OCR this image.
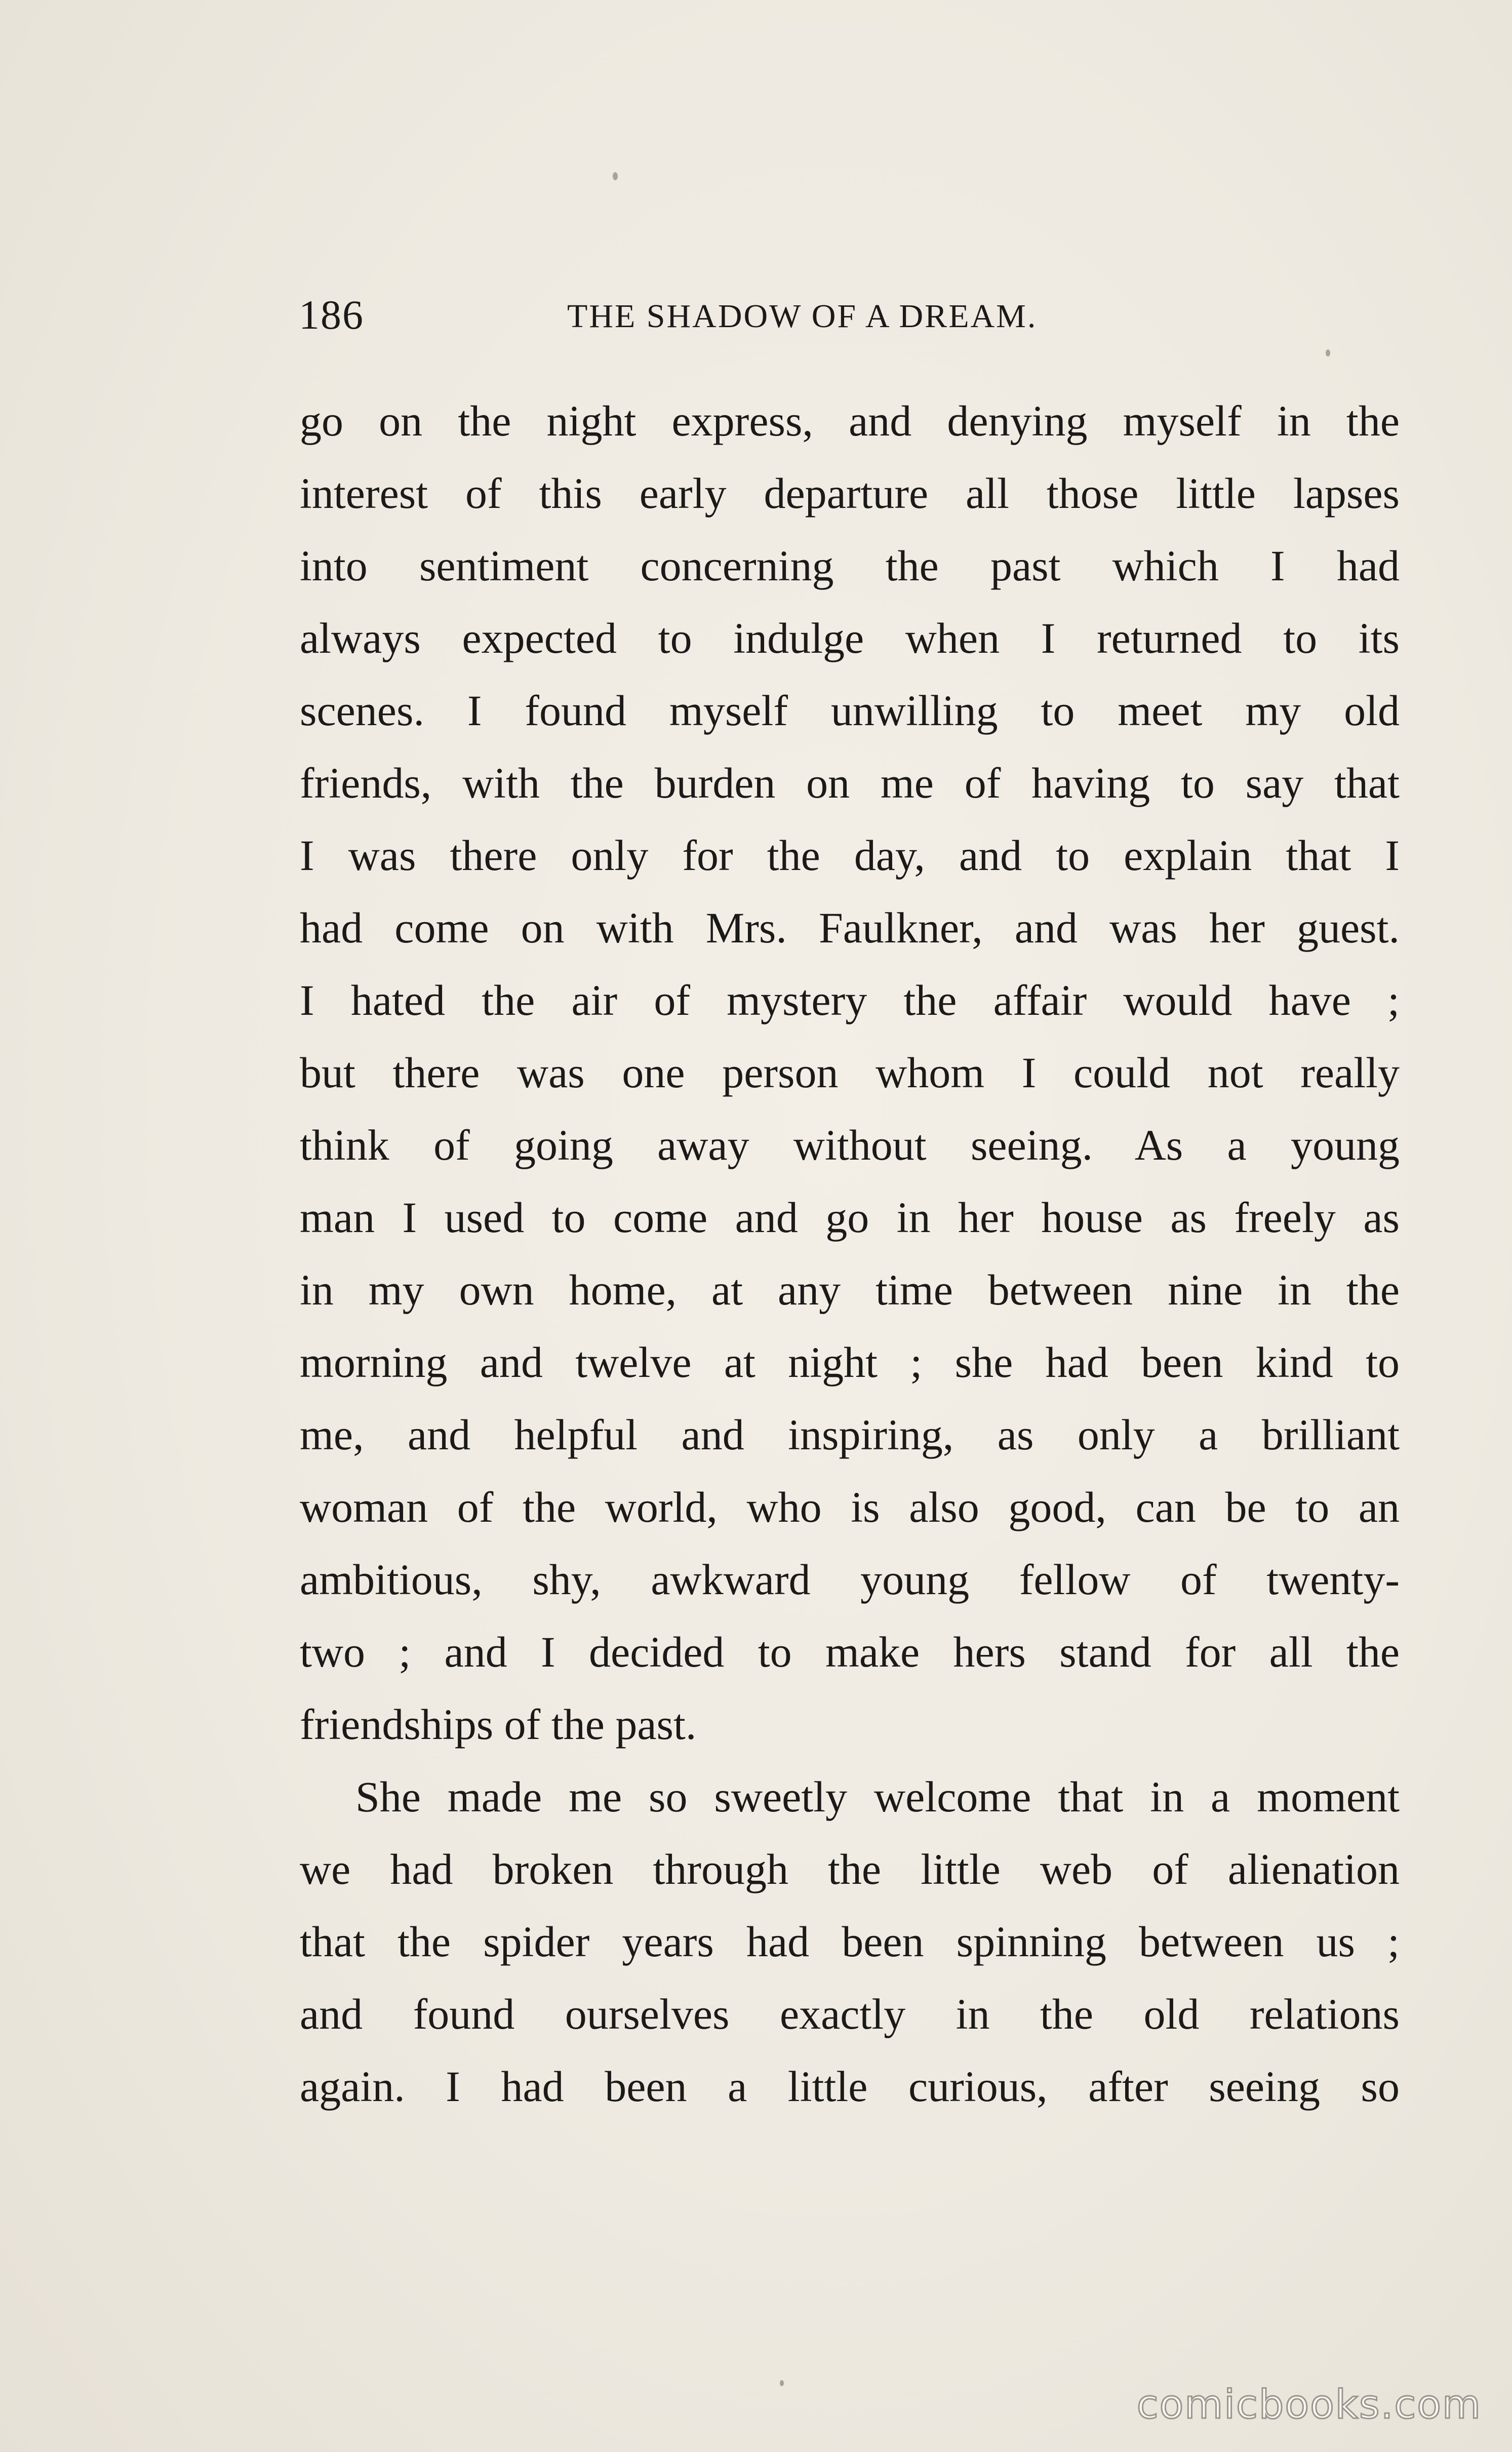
186	THE SHADOW OF A DREAM.
go on the night express, and denying myself in the
interest of this early departure all those little lapses
into sentiment concerning the past which I had
always expected to indulge when I returned to its
scenes. I found myself unwilling to meet my old
friends, with the burden on me of having to say that
I was there only for the day, and to explain that I
had come on with Mrs. Faulkner, and was her guest.
I hated the air of mystery the affair would have ;
but there was one person whom I could not really
think of going away without seeing. As a young
man I used to come and go in her house as freely as
in my own home, at any time between nine in the
morning and twelve at night ; she had been kind to
me, and helpful and inspiring, as only a brilliant
woman of the world, who is also good, can be to an
ambitious, shy, awkward young fellow of twenty-
two ; and I decided to make hers stand for all the
friendships of the past.
She made me so sweetly welcome that in a moment
we had broken through the little web of alienation
that the spider years had been spinning between us ;
and found ourselves exactly in the old relations
again. I had been a little curious, after seeing so
comicbooks.com
